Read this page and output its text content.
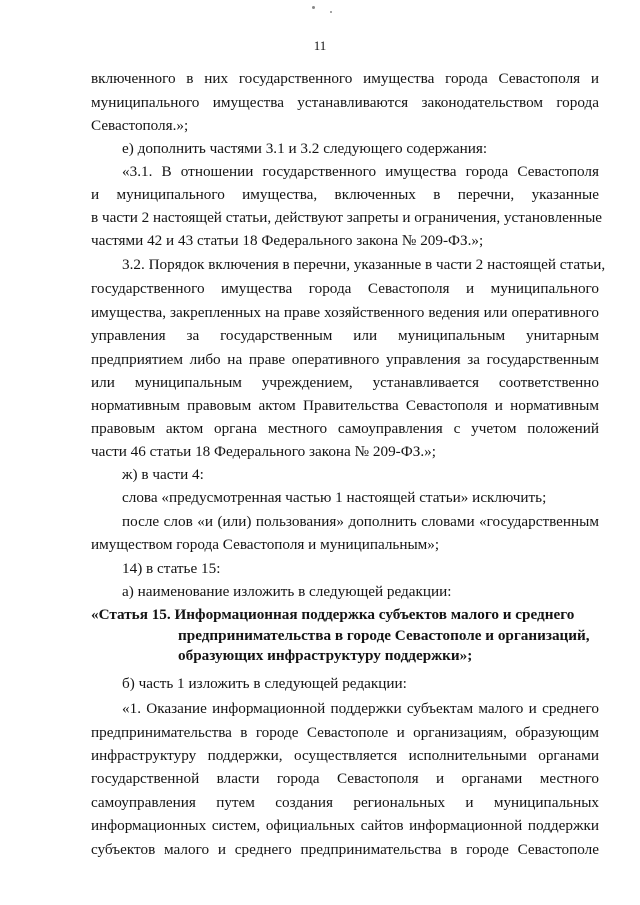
11
включенного в них государственного имущества города Севастополя и
муниципального имущества устанавливаются законодательством города
Севастополя.»;
е) дополнить частями 3.1 и 3.2 следующего содержания:
«3.1. В отношении государственного имущества города Севастополя
и муниципального имущества, включенных в перечни, указанные
в части 2 настоящей статьи, действуют запреты и ограничения, установленные
частями 42 и 43 статьи 18 Федерального закона № 209-ФЗ.»;
3.2. Порядок включения в перечни, указанные в части 2 настоящей статьи,
государственного имущества города Севастополя и муниципального
имущества, закрепленных на праве хозяйственного ведения или оперативного
управления за государственным или муниципальным унитарным
предприятием либо на праве оперативного управления за государственным
или муниципальным учреждением, устанавливается соответственно
нормативным правовым актом Правительства Севастополя и нормативным
правовым актом органа местного самоуправления с учетом положений
части 46 статьи 18 Федерального закона № 209-ФЗ.»;
ж) в части 4:
слова «предусмотренная частью 1 настоящей статьи» исключить;
после слов «и (или) пользования» дополнить словами «государственным
имуществом города Севастополя и муниципальным»;
14) в статье 15:
а) наименование изложить в следующей редакции:
«Статья 15. Информационная поддержка субъектов малого и среднего
предпринимательства в городе Севастополе и организаций,
образующих инфраструктуру поддержки»;
б) часть 1 изложить в следующей редакции:
«1. Оказание информационной поддержки субъектам малого и среднего
предпринимательства в городе Севастополе и организациям, образующим
инфраструктуру поддержки, осуществляется исполнительными органами
государственной власти города Севастополя и органами местного
самоуправления путем создания региональных и муниципальных
информационных систем, официальных сайтов информационной поддержки
субъектов малого и среднего предпринимательства в городе Севастополе
